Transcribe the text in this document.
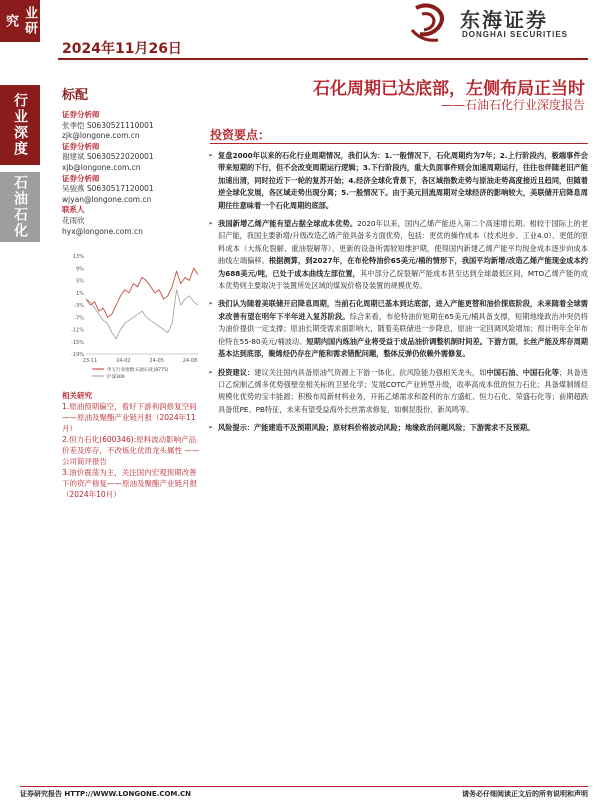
业研究
行业深度
石油石化
2024年11月26日
东海证券
DONGHAI SECURITIES
标配	石化周期已达底部，左侧布局正当时
——石油石化行业深度报告
证券分析师
张季恺 S0630521110001
zjk@longone.com.cn
证券分析师
谢建斌 S0630522020001
xjb@longone.com.cn
证券分析师
吴骏燕 S0630517120001
wjyan@longone.com.cn
联系人
花雨欣
hyx@longone.com.cn
13%
9%
5%
1%
-3%
-7%
-11%
-15%
-19%
23-11	24-02	24-05	24-08
申万行业指数:石油石化(8775)
沪深300
相关研究
1.原油预期偏空，看好下游利润修复空间——原油及聚酯产业链月报（2024年11月）
2.恒力石化(600346):原料波动影响产品价差及库存，不改炼化优质龙头属性 ——公司简评报告
3.油价震荡为主，关注国内宏观预期改善下的资产修复——原油及聚酯产业链月报（2024年10月）
投资要点：
➢ 复盘2000年以来的石化行业周期情况，我们认为：1.一般情况下，石化周期约为7年；2.上行阶段内，极端事件会带来短期的下行，但不会改变周期运行逻辑；3.下行阶段内，重大负面事件则会加速周期运行，往往也伴随老旧产能加速出清，同时拉近下一轮的复苏开始；4.经济全球化背景下，各区域指数走势与原油走势高度接近且趋同，但随着逆全球化发展，各区域走势出现分离；5.一般情况下。由于美元回流周期对全球经济的影响较大，美联储开启降息周期往往意味着一个石化周期的底部。
➢ 我国新增乙烯产能有望占据全球成本优势。2020年以来，国内乙烯产能进入第二个高速增长期。相较于国际上的老旧产能，我国主要新增/升级改造乙烯产能具备多方面优势，包括：更优的操作成本（技术进步、工业4.0）、更低的原料成本（大炼化裂解、重油裂解等）、更新的设备所需较短维护期，使得国内新建乙烯产能平均现金成本逐步向成本曲线左端偏移。根据测算，到2027年，在布伦特油价65美元/桶的情形下，我国平均新增/改造乙烯产能现金成本约为688美元/吨，已处于成本曲线左部位置，其中部分乙烷裂解产能成本甚至达到全球最低区间，MTO乙烯产能的成本优势则主要取决于装置所处区域的煤炭价格及装置的规模优势。
➢ 我们认为随着美联储开启降息周期，当前石化周期已基本到达底部，进入产能更替和油价探底阶段，未来随着全球需求改善有望在明年下半年进入复苏阶段。综合来看，布伦特油价短期在65美元/桶具备支撑，短期地缘政治冲突仍将为油价提供一定支撑；原油长期受需求面影响大，随着美联储进一步降息，原油一定回调风险增加；预计明年全年布伦特在55-80美元/桶波动。短期内国内炼油产业将受益于成品油价调整机制时间差。下游方面，长丝产能及库存周期基本达到底部，聚烯烃仍存在产能和需求错配问题，整体反弹仍依赖外需修复。
➢ 投资建议：建议关注国内具备原油气资源上下游一体化、抗风险能力强相关龙头，如中国石油、中国石化等；具备进口乙烷制乙烯多优势强壁垒相关标的卫星化学；发展COTC产业转型升级，收率高成本低的恒力石化；具备煤制烯烃规模化优势的宝丰能源；积极布局新材料业务，开拓乙烯需求和盈利的东方盛虹、恒力石化、荣盛石化等；前期超跌具备低PE、PB特征，未来有望受益海外长丝需求修复，如桐昆股份、新凤鸣等。
➢ 风险提示：产能建造不及预期风险；原材料价格波动风险；地缘政治问题风险；下游需求不及预期。
证券研究报告 HTTP://WWW.LONGONE.COM.CN	请务必仔细阅读正文后的所有说明和声明
